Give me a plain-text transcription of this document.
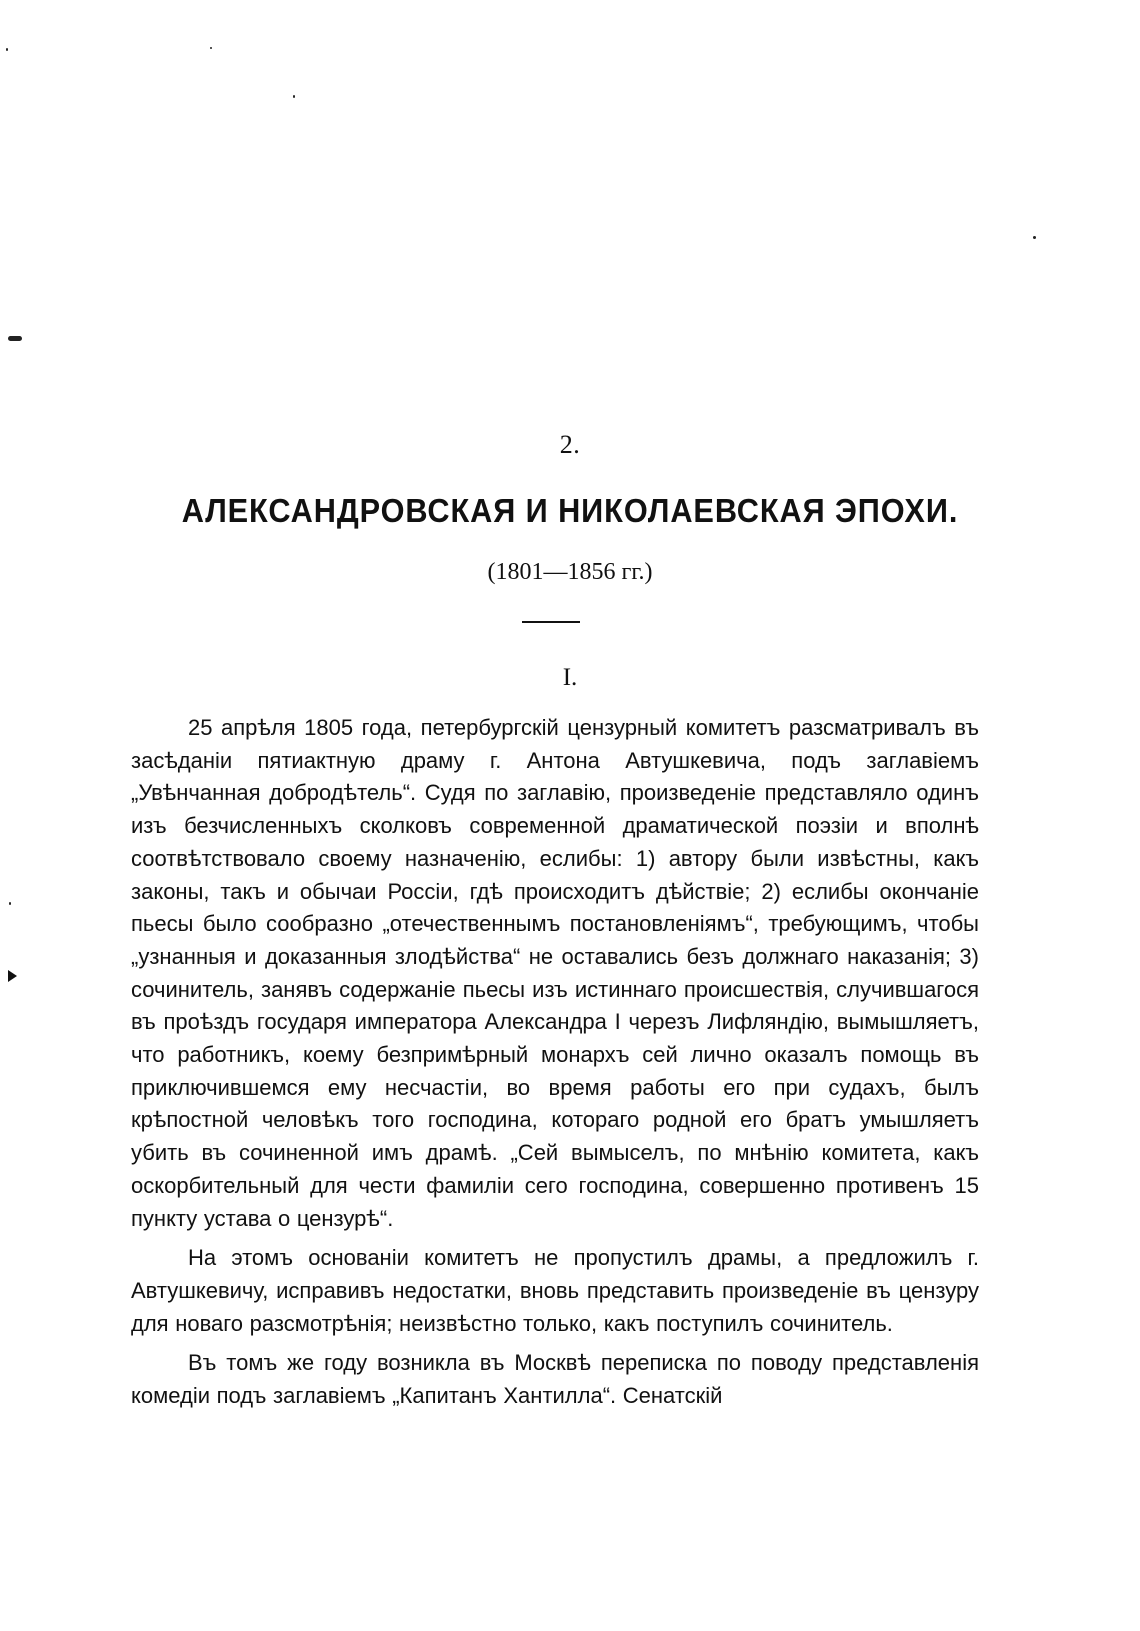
2.
АЛЕКСАНДРОВСКАЯ И НИКОЛАЕВСКАЯ ЭПОХИ.
(1801—1856 гг.)
I.

25 апрѣля 1805 года, петербургскій цензурный комитетъ разсматривалъ въ засѣданіи пятиактную драму г. Антона Автушкевича, подъ заглавіемъ „Увѣнчанная добродѣтель“. Судя по заглавію, произведеніе представляло одинъ изъ безчисленныхъ сколковъ современной драматической поэзіи и вполнѣ соотвѣтствовало своему назначенію, еслибы: 1) автору были извѣстны, какъ законы, такъ и обычаи Россіи, гдѣ происходитъ дѣйствіе; 2) еслибы окончаніе пьесы было сообразно „отечественнымъ постановленіямъ“, требующимъ, чтобы „узнанныя и доказанныя злодѣйства“ не оставались безъ должнаго наказанія; 3) сочинитель, занявъ содержаніе пьесы изъ истиннаго происшествія, случившагося въ проѣздъ государя императора Александра I черезъ Лифляндію, вымышляетъ, что работникъ, коему безпримѣрный монархъ сей лично оказалъ помощь въ приключившемся ему несчастіи, во время работы его при судахъ, былъ крѣпостной человѣкъ того господина, котораго родной его братъ умышляетъ убить въ сочиненной имъ драмѣ. „Сей вымыселъ, по мнѣнію комитета, какъ оскорбительный для чести фамиліи сего господина, совершенно противенъ 15 пункту устава о цензурѣ“.

На этомъ основаніи комитетъ не пропустилъ драмы, а предложилъ г. Автушкевичу, исправивъ недостатки, вновь представить произведеніе въ цензуру для новаго разсмотрѣнія; неизвѣстно только, какъ поступилъ сочинитель.

Въ томъ же году возникла въ Москвѣ переписка по поводу представленія комедіи подъ заглавіемъ „Капитанъ Хантилла“. Сенатскій
